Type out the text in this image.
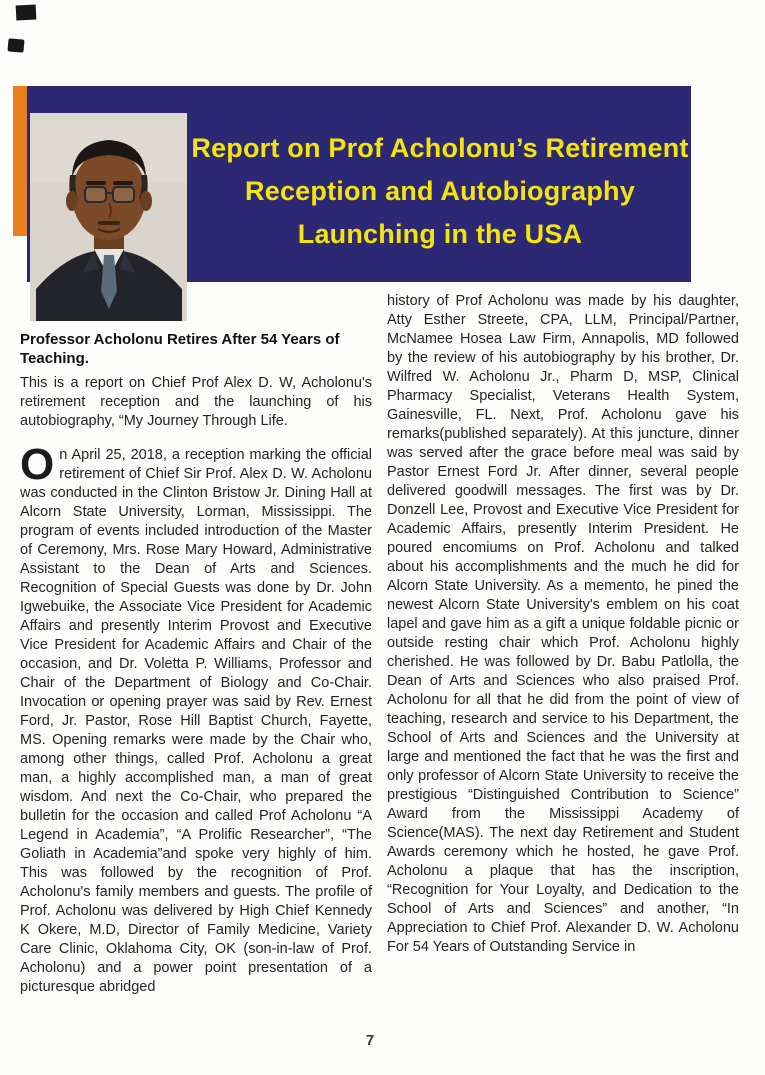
Report on Prof Acholonu’s Retirement
Reception and Autobiography
Launching in the USA
Professor Acholonu Retires After 54 Years of Teaching.

This is a report on Chief Prof Alex D. W, Acholonu's retirement reception and the launching of his autobiography, “My Journey Through Life.

On April 25, 2018, a reception marking the official retirement of Chief Sir Prof. Alex D. W. Acholonu was conducted in the Clinton Bristow Jr. Dining Hall at Alcorn State University, Lorman, Mississippi. The program of events included introduction of the Master of Ceremony, Mrs. Rose Mary Howard, Administrative Assistant to the Dean of Arts and Sciences. Recognition of Special Guests was done by Dr. John Igwebuike, the Associate Vice President for Academic Affairs and presently Interim Provost and Executive Vice President for Academic Affairs and Chair of the occasion, and Dr. Voletta P. Williams, Professor and Chair of the Department of Biology and Co-Chair. Invocation or opening prayer was said by Rev. Ernest Ford, Jr. Pastor, Rose Hill Baptist Church, Fayette, MS. Opening remarks were made by the Chair who, among other things, called Prof. Acholonu a great man, a highly accomplished man, a man of great wisdom. And next the Co-Chair, who prepared the bulletin for the occasion and called Prof Acholonu “A Legend in Academia”, “A Prolific Researcher”, “The Goliath in Academia”and spoke very highly of him. This was followed by the recognition of Prof. Acholonu's family members and guests. The profile of Prof. Acholonu was delivered by High Chief Kennedy K Okere, M.D, Director of Family Medicine, Variety Care Clinic, Oklahoma City, OK (son-in-law of Prof. Acholonu) and a power point presentation of a picturesque abridged

history of Prof Acholonu was made by his daughter, Atty Esther Streete, CPA, LLM, Principal/Partner, McNamee Hosea Law Firm, Annapolis, MD followed by the review of his autobiography by his brother, Dr. Wilfred W. Acholonu Jr., Pharm D, MSP, Clinical Pharmacy Specialist, Veterans Health System, Gainesville, FL. Next, Prof. Acholonu gave his remarks(published separately). At this juncture, dinner was served after the grace before meal was said by Pastor Ernest Ford Jr. After dinner, several people delivered goodwill messages. The first was by Dr. Donzell Lee, Provost and Executive Vice President for Academic Affairs, presently Interim President. He poured encomiums on Prof. Acholonu and talked about his accomplishments and the much he did for Alcorn State University. As a memento, he pined the newest Alcorn State University's emblem on his coat lapel and gave him as a gift a unique foldable picnic or outside resting chair which Prof. Acholonu highly cherished. He was followed by Dr. Babu Patlolla, the Dean of Arts and Sciences who also praised Prof. Acholonu for all that he did from the point of view of teaching, research and service to his Department, the School of Arts and Sciences and the University at large and mentioned the fact that he was the first and only professor of Alcorn State University to receive the prestigious “Distinguished Contribution to Science” Award from the Mississippi Academy of Science(MAS). The next day Retirement and Student Awards ceremony which he hosted, he gave Prof. Acholonu a plaque that has the inscription, “Recognition for Your Loyalty, and Dedication to the School of Arts and Sciences” and another, “In Appreciation to Chief Prof. Alexander D. W. Acholonu For 54 Years of Outstanding Service in

7
